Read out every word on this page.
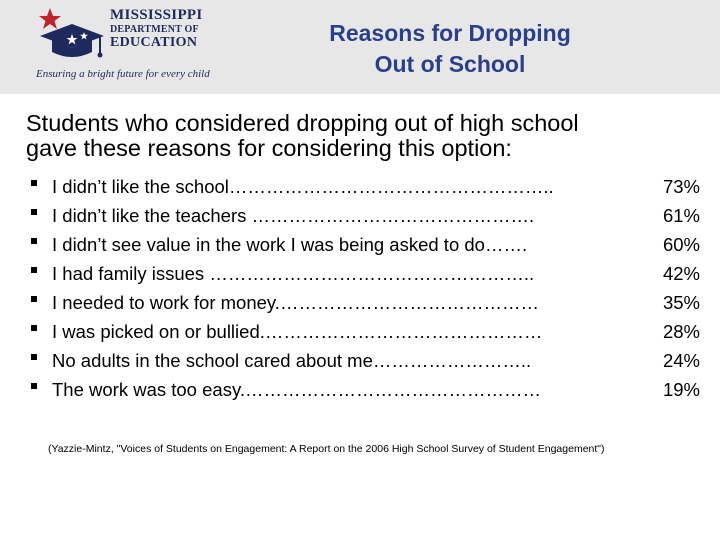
MISSISSIPPI
DEPARTMENT OF
EDUCATION
Ensuring a bright future for every child
Reasons for Dropping
Out of School
Students who considered dropping out of high school
gave these reasons for considering this option:
I didn’t like the school……………………………………………..	73%
I didn’t like the teachers ……………………………………….	61%
I didn’t see value in the work I was being asked to do…….	60%
I had family issues ……………………………………………..	42%
I needed to work for money.……………………………………	35%
I was picked on or bullied.………………………………………	28%
No adults in the school cared about me……………………..	24%
The work was too easy.…………………………………………	19%
(Yazzie-Mintz, "Voices of Students on Engagement: A Report on the 2006 High School Survey of Student Engagement")
